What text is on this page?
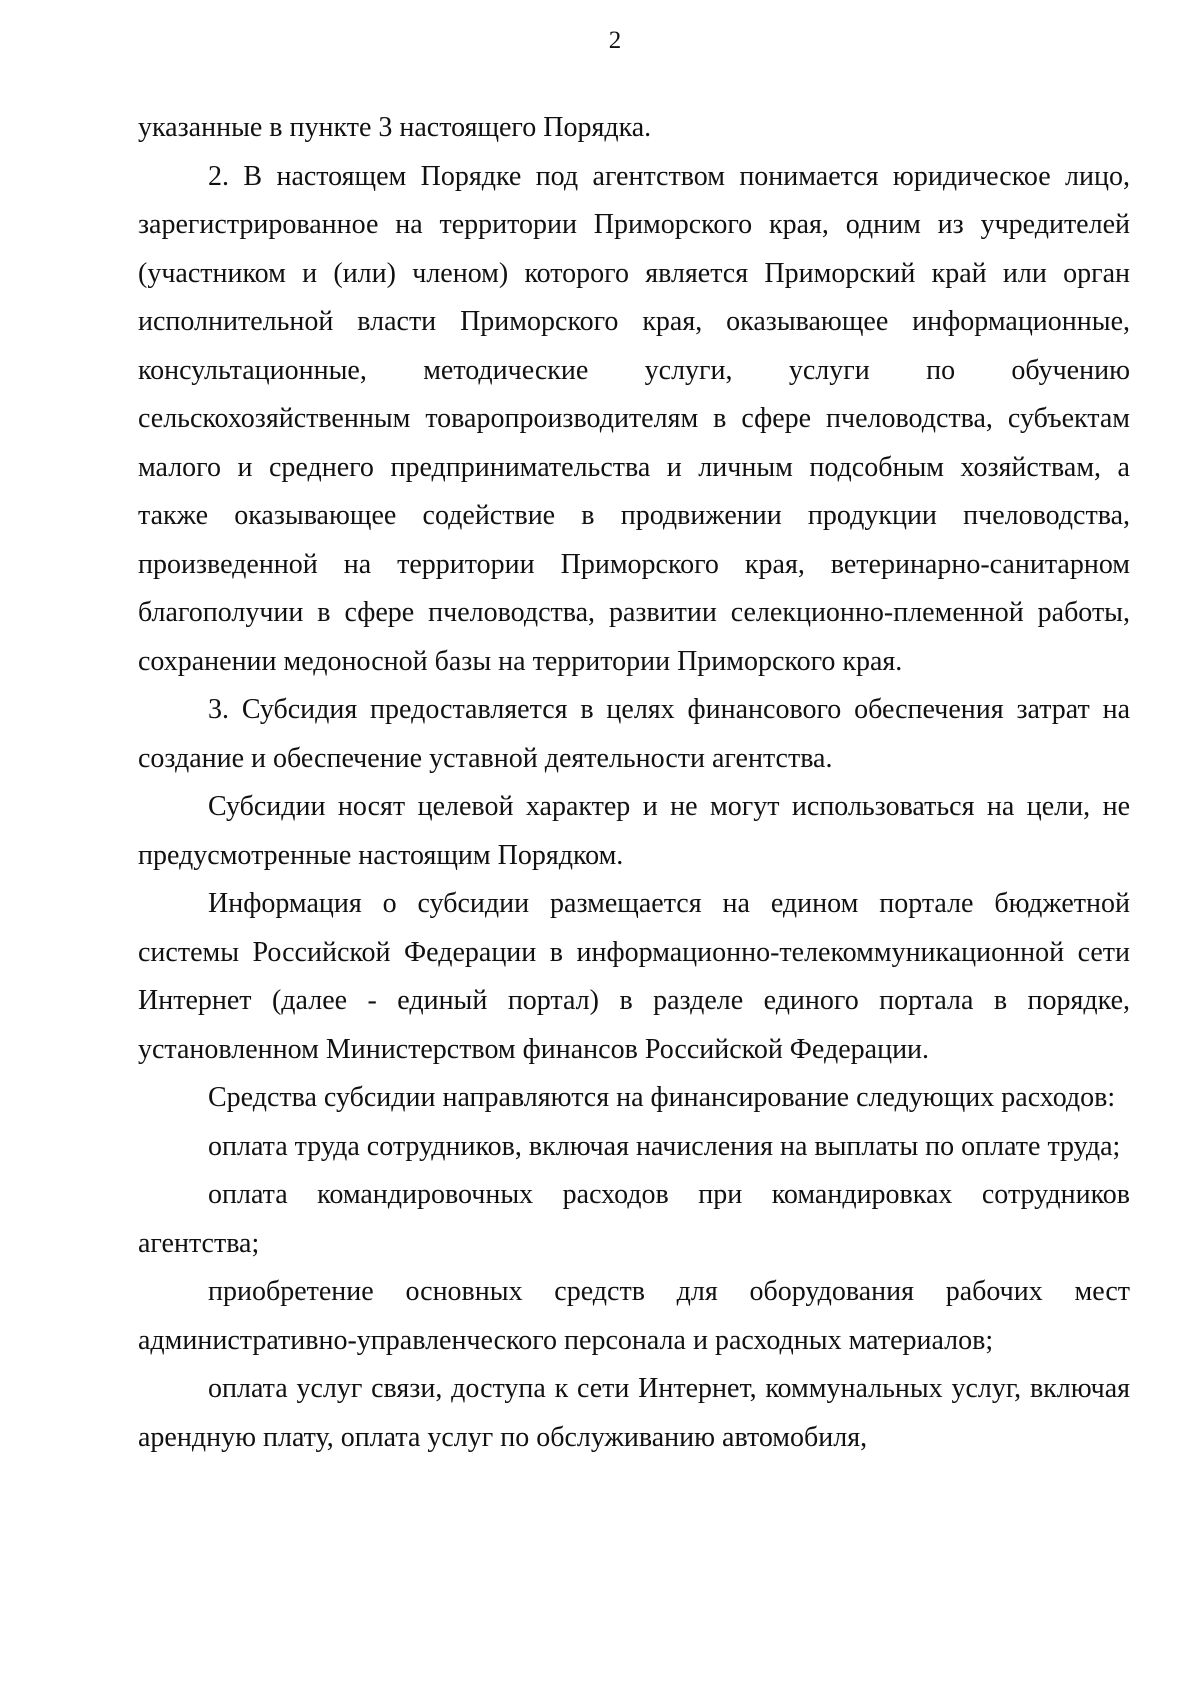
2

указанные в пункте 3 настоящего Порядка.

2. В настоящем Порядке под агентством понимается юридическое лицо, зарегистрированное на территории Приморского края, одним из учредителей (участником и (или) членом) которого является Приморский край или орган исполнительной власти Приморского края, оказывающее информационные, консультационные, методические услуги, услуги по обучению сельскохозяйственным товаропроизводителям в сфере пчеловодства, субъектам малого и среднего предпринимательства и личным подсобным хозяйствам, а также оказывающее содействие в продвижении продукции пчеловодства, произведенной на территории Приморского края, ветеринарно-санитарном благополучии в сфере пчеловодства, развитии селекционно-племенной работы, сохранении медоносной базы на территории Приморского края.

3. Субсидия предоставляется в целях финансового обеспечения затрат на создание и обеспечение уставной деятельности агентства.

Субсидии носят целевой характер и не могут использоваться на цели, не предусмотренные настоящим Порядком.

Информация о субсидии размещается на едином портале бюджетной системы Российской Федерации в информационно-телекоммуникационной сети Интернет (далее - единый портал) в разделе единого портала в порядке, установленном Министерством финансов Российской Федерации.

Средства субсидии направляются на финансирование следующих расходов:

оплата труда сотрудников, включая начисления на выплаты по оплате труда;

оплата командировочных расходов при командировках сотрудников агентства;

приобретение основных средств для оборудования рабочих мест административно-управленческого персонала и расходных материалов;

оплата услуг связи, доступа к сети Интернет, коммунальных услуг, включая арендную плату, оплата услуг по обслуживанию автомобиля,
